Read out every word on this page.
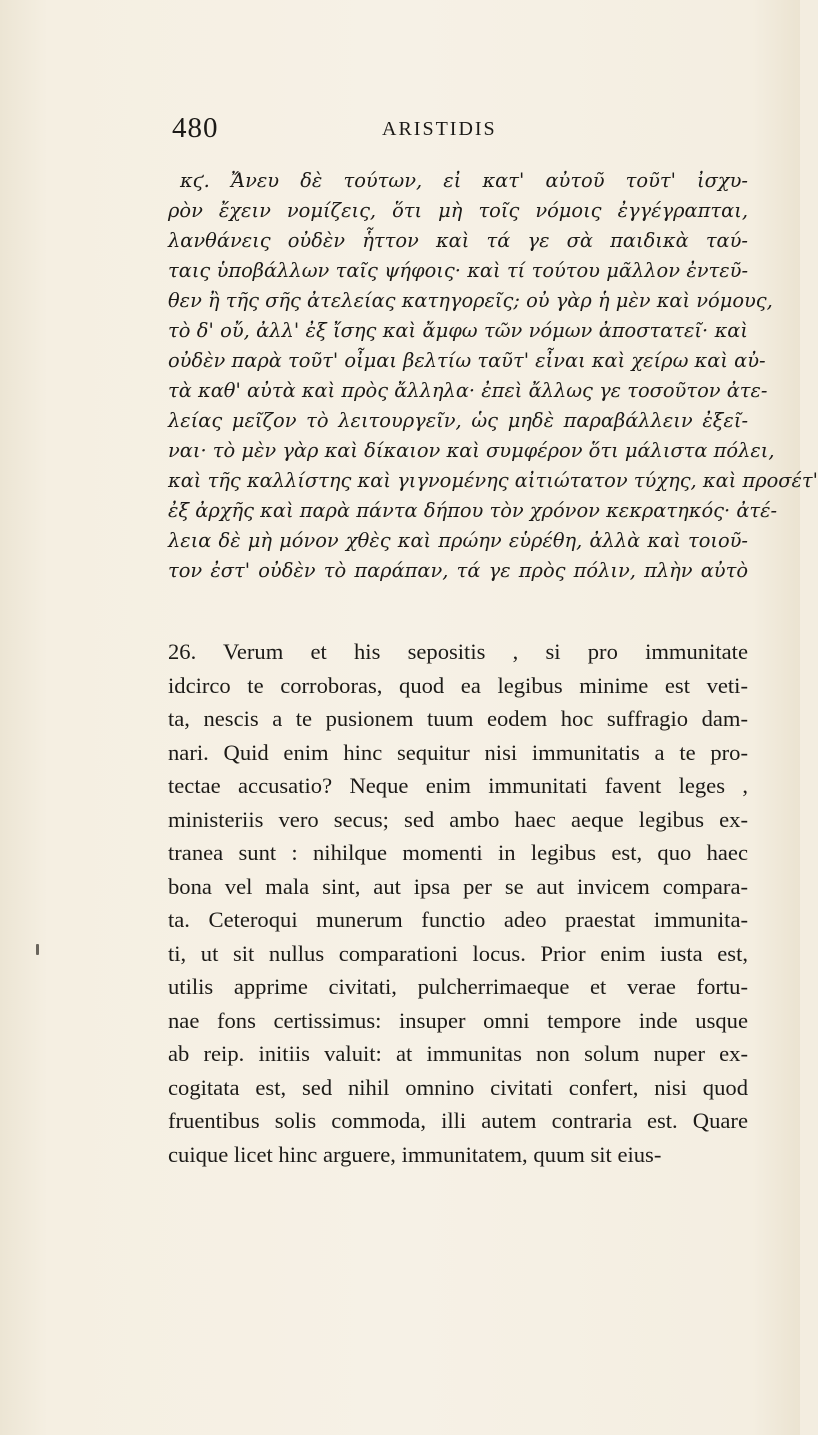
480	ARISTIDIS
κϛ. Ἄνευ δὲ τούτων, εἰ κατ' αὐτοῦ τοῦτ' ἰσχυ-
ρὸν ἔχειν νομίζεις, ὅτι μὴ τοῖς νόμοις ἐγγέγραπται,
λανθάνεις οὐδὲν ἧττον καὶ τά γε σὰ παιδικὰ ταύ-
ταις ὑποβάλλων ταῖς ψήφοις· καὶ τί τούτου μᾶλλον ἐντεῦ-
θεν ἢ τῆς σῆς ἀτελείας κατηγορεῖς; οὐ γὰρ ἡ μὲν καὶ νόμους,
τὸ δ' οὔ, ἀλλ' ἐξ ἴσης καὶ ἄμφω τῶν νόμων ἀποστατεῖ· καὶ
οὐδὲν παρὰ τοῦτ' οἶμαι βελτίω ταῦτ' εἶναι καὶ χείρω καὶ αὐ-
τὰ καθ' αὐτὰ καὶ πρὸς ἄλληλα· ἐπεὶ ἄλλως γε τοσοῦτον ἀτε-
λείας μεῖζον τὸ λειτουργεῖν, ὡς μηδὲ παραβάλλειν ἐξεῖ-
ναι· τὸ μὲν γὰρ καὶ δίκαιον καὶ συμφέρον ὅτι μάλιστα πόλει,
καὶ τῆς καλλίστης καὶ γιγνομένης αἰτιώτατον τύχης, καὶ προσέτ'
ἐξ ἀρχῆς καὶ παρὰ πάντα δήπου τὸν χρόνον κεκρατηκός· ἀτέ-
λεια δὲ μὴ μόνον χθὲς καὶ πρώην εὑρέθη, ἀλλὰ καὶ τοιοῦ-
τον ἐστ' οὐδὲν τὸ παράπαν, τά γε πρὸς πόλιν, πλὴν αὐτὸ
26. Verum et his sepositis , si pro immunitate
idcirco te corroboras, quod ea legibus minime est veti-
ta, nescis a te pusionem tuum eodem hoc suffragio dam-
nari. Quid enim hinc sequitur nisi immunitatis a te pro-
tectae accusatio? Neque enim immunitati favent leges ,
ministeriis vero secus; sed ambo haec aeque legibus ex-
tranea sunt : nihilque momenti in legibus est, quo haec
bona vel mala sint, aut ipsa per se aut invicem compara-
ta. Ceteroqui munerum functio adeo praestat immunita-
ti, ut sit nullus comparationi locus. Prior enim iusta est,
utilis apprime civitati, pulcherrimaeque et verae fortu-
nae fons certissimus: insuper omni tempore inde usque
ab reip. initiis valuit: at immunitas non solum nuper ex-
cogitata est, sed nihil omnino civitati confert, nisi quod
fruentibus solis commoda, illi autem contraria est. Quare
cuique licet hinc arguere, immunitatem, quum sit eius-
